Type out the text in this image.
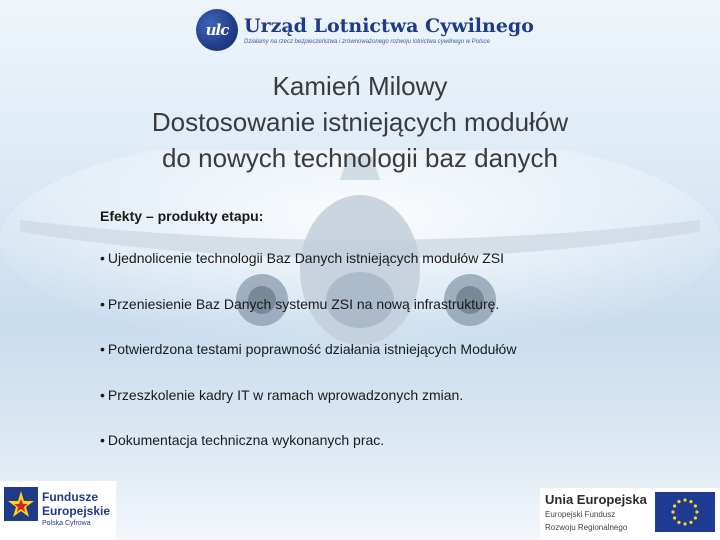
ulc Urząd Lotnictwa Cywilnego
Działamy na rzecz bezpieczeństwa i zrównoważonego rozwoju lotnictwa cywilnego w Polsce
Kamień Milowy
Dostosowanie istniejących modułów
do nowych technologii baz danych
Efekty – produkty etapu:
• Ujednolicenie technologii Baz Danych istniejących modułów ZSI
• Przeniesienie Baz Danych systemu ZSI na nową infrastrukturę.
• Potwierdzona testami poprawność działania istniejących Modułów
• Przeszkolenie kadry IT w ramach wprowadzonych zmian.
• Dokumentacja techniczna wykonanych prac.
Fundusze
Europejskie
Polska Cyfrowa
Unia Europejska
Europejski Fundusz
Rozwoju Regionalnego
